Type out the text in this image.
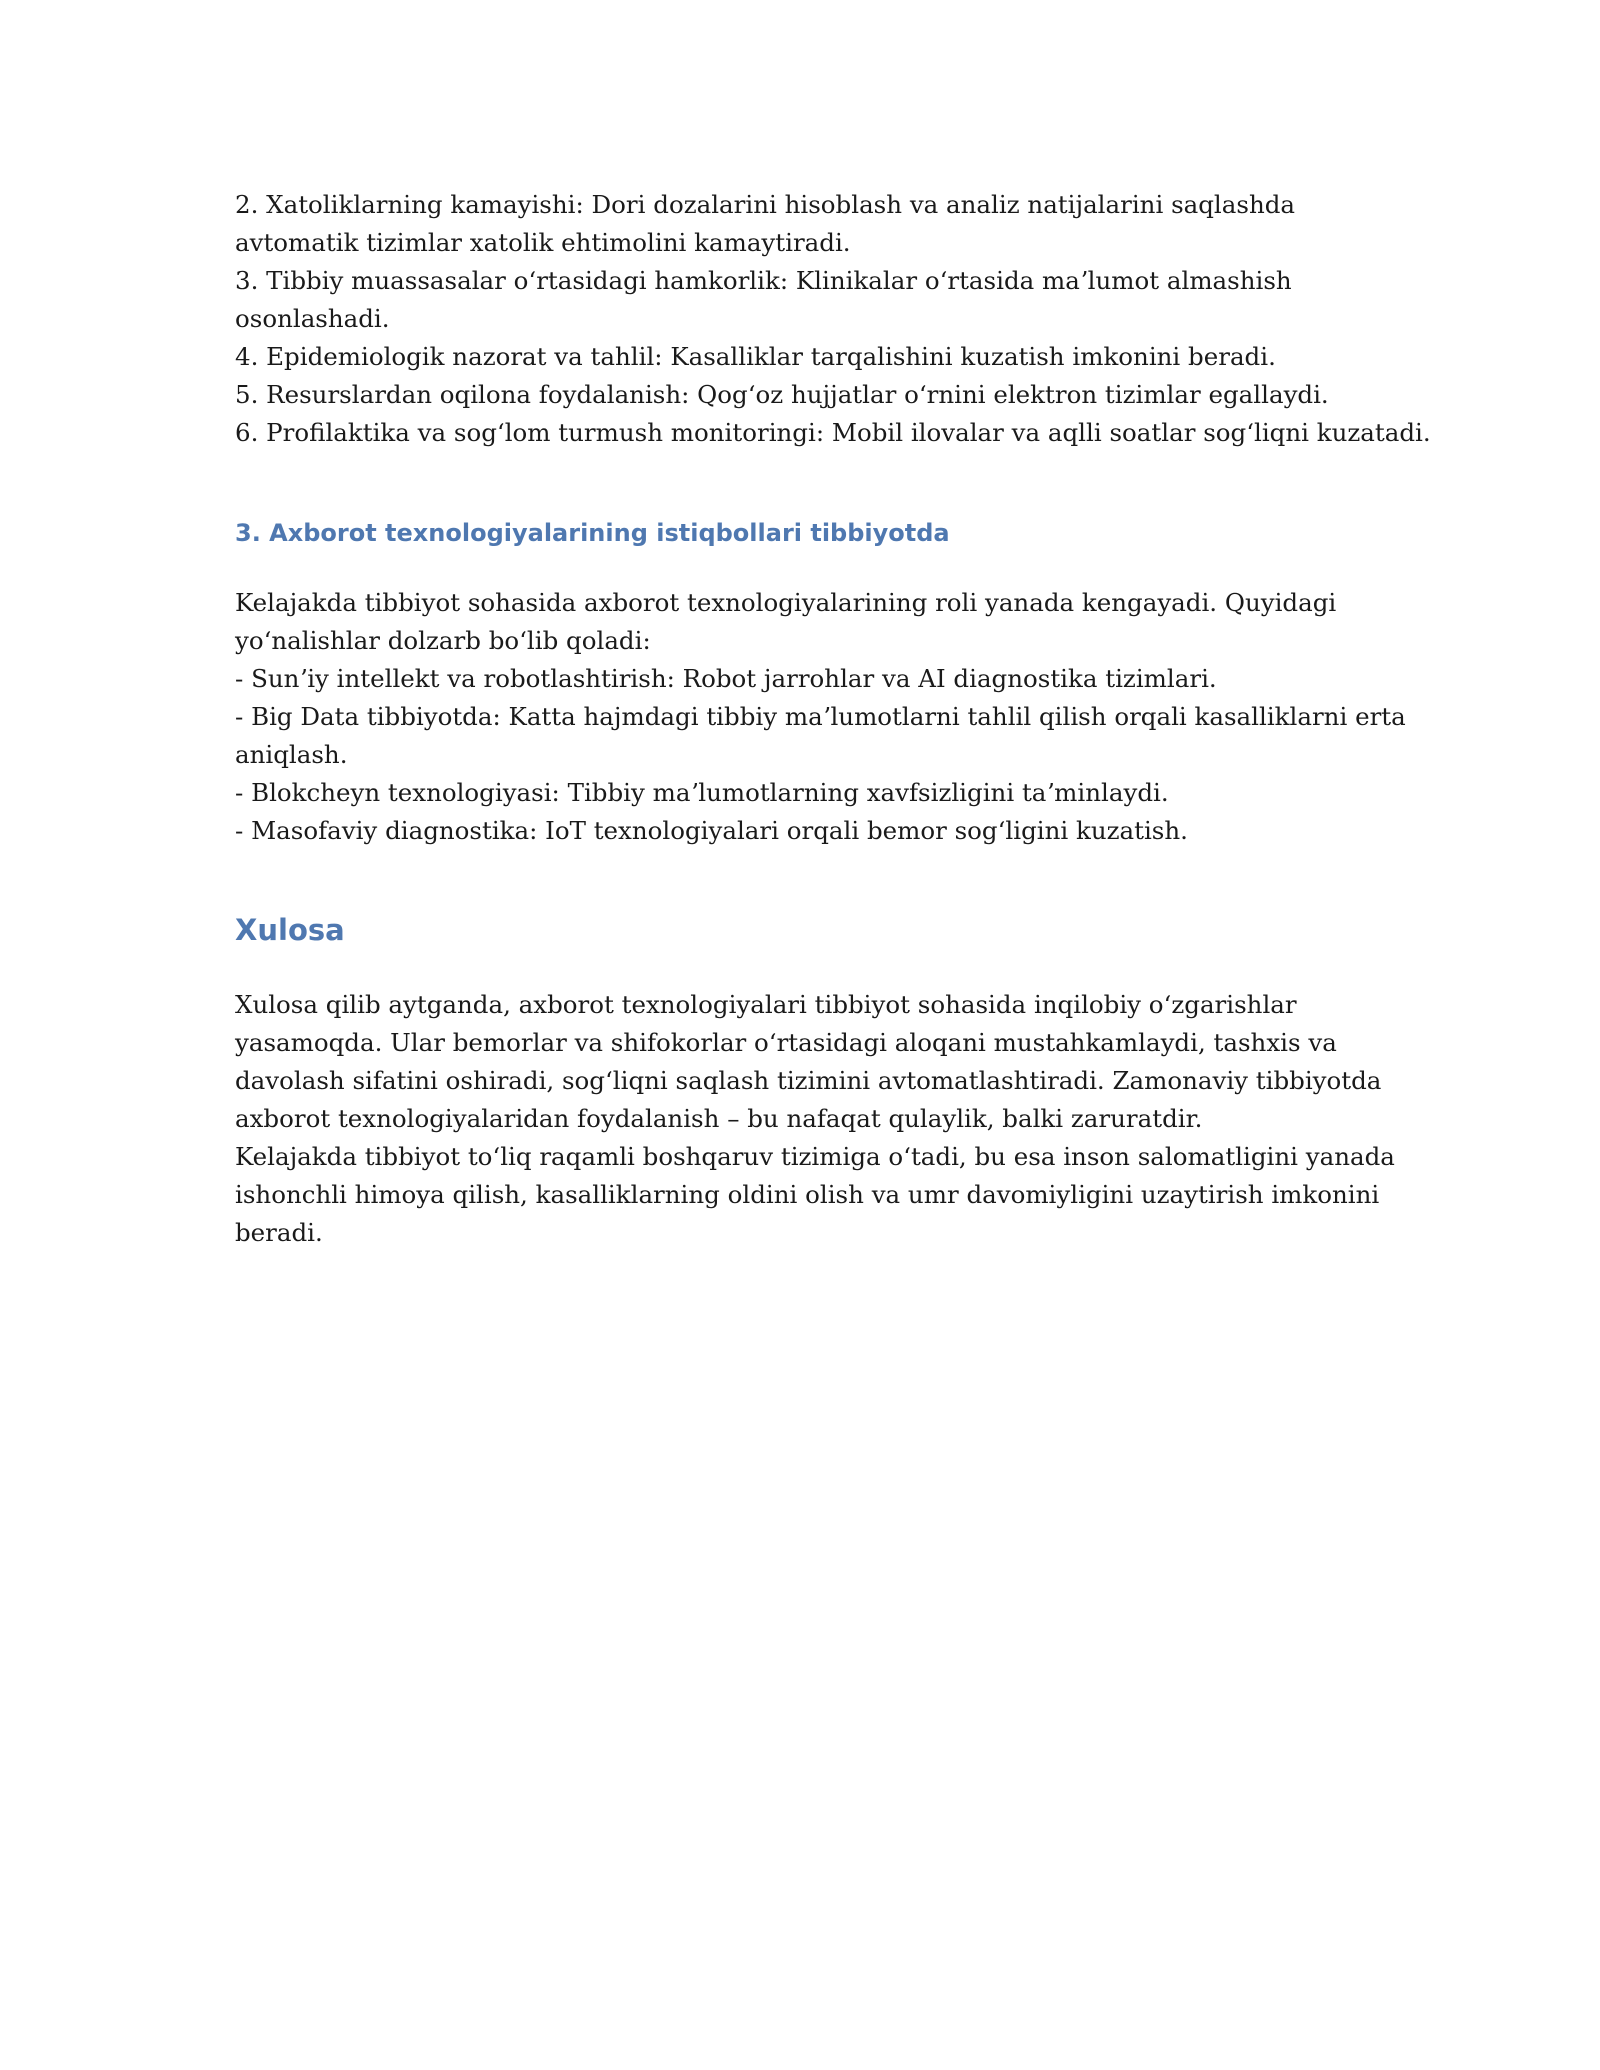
2. Xatoliklarning kamayishi: Dori dozalarini hisoblash va analiz natijalarini saqlashda
avtomatik tizimlar xatolik ehtimolini kamaytiradi.
3. Tibbiy muassasalar oʻrtasidagi hamkorlik: Klinikalar oʻrtasida maʼlumot almashish
osonlashadi.
4. Epidemiologik nazorat va tahlil: Kasalliklar tarqalishini kuzatish imkonini beradi.
5. Resurslardan oqilona foydalanish: Qogʻoz hujjatlar oʻrnini elektron tizimlar egallaydi.
6. Profilaktika va sogʻlom turmush monitoringi: Mobil ilovalar va aqlli soatlar sogʻliqni kuzatadi.
3. Axborot texnologiyalarining istiqbollari tibbiyotda
Kelajakda tibbiyot sohasida axborot texnologiyalarining roli yanada kengayadi. Quyidagi
yoʻnalishlar dolzarb boʻlib qoladi:
- Sunʼiy intellekt va robotlashtirish: Robot jarrohlar va AI diagnostika tizimlari.
- Big Data tibbiyotda: Katta hajmdagi tibbiy maʼlumotlarni tahlil qilish orqali kasalliklarni erta
aniqlash.
- Blokcheyn texnologiyasi: Tibbiy maʼlumotlarning xavfsizligini taʼminlaydi.
- Masofaviy diagnostika: IoT texnologiyalari orqali bemor sogʻligini kuzatish.
Xulosa
Xulosa qilib aytganda, axborot texnologiyalari tibbiyot sohasida inqilobiy oʻzgarishlar
yasamoqda. Ular bemorlar va shifokorlar oʻrtasidagi aloqani mustahkamlaydi, tashxis va
davolash sifatini oshiradi, sogʻliqni saqlash tizimini avtomatlashtiradi. Zamonaviy tibbiyotda
axborot texnologiyalaridan foydalanish – bu nafaqat qulaylik, balki zaruratdir.
Kelajakda tibbiyot toʻliq raqamli boshqaruv tizimiga oʻtadi, bu esa inson salomatligini yanada
ishonchli himoya qilish, kasalliklarning oldini olish va umr davomiyligini uzaytirish imkonini
beradi.
